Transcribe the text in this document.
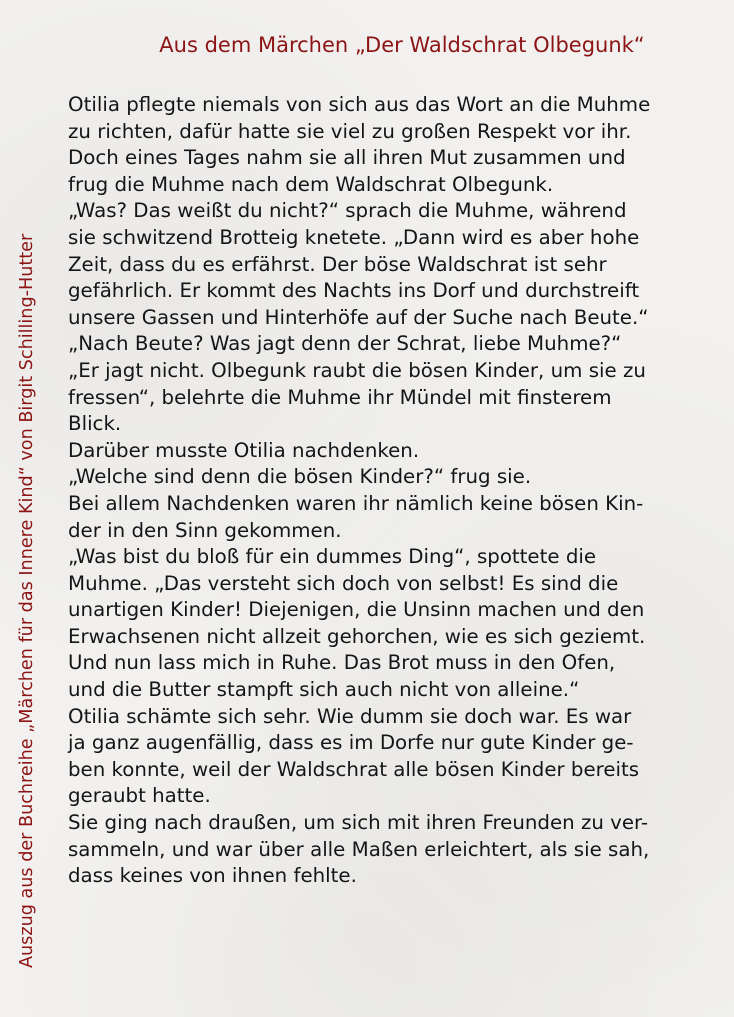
Aus dem Märchen „Der Waldschrat Olbegunk“
Auszug aus der Buchreihe „Märchen für das Innere Kind“ von Birgit Schilling-Hutter
Otilia pflegte niemals von sich aus das Wort an die Muhme
zu richten, dafür hatte sie viel zu großen Respekt vor ihr.
Doch eines Tages nahm sie all ihren Mut zusammen und
frug die Muhme nach dem Waldschrat Olbegunk.
„Was? Das weißt du nicht?“ sprach die Muhme, während
sie schwitzend Brotteig knetete. „Dann wird es aber hohe
Zeit, dass du es erfährst. Der böse Waldschrat ist sehr
gefährlich. Er kommt des Nachts ins Dorf und durchstreift
unsere Gassen und Hinterhöfe auf der Suche nach Beute.“
„Nach Beute? Was jagt denn der Schrat, liebe Muhme?“
„Er jagt nicht. Olbegunk raubt die bösen Kinder, um sie zu
fressen“, belehrte die Muhme ihr Mündel mit finsterem
Blick.
Darüber musste Otilia nachdenken.
„Welche sind denn die bösen Kinder?“ frug sie.
Bei allem Nachdenken waren ihr nämlich keine bösen Kin-
der in den Sinn gekommen.
„Was bist du bloß für ein dummes Ding“, spottete die
Muhme. „Das versteht sich doch von selbst! Es sind die
unartigen Kinder! Diejenigen, die Unsinn machen und den
Erwachsenen nicht allzeit gehorchen, wie es sich geziemt.
Und nun lass mich in Ruhe. Das Brot muss in den Ofen,
und die Butter stampft sich auch nicht von alleine.“
Otilia schämte sich sehr. Wie dumm sie doch war. Es war
ja ganz augenfällig, dass es im Dorfe nur gute Kinder ge-
ben konnte, weil der Waldschrat alle bösen Kinder bereits
geraubt hatte.
Sie ging nach draußen, um sich mit ihren Freunden zu ver-
sammeln, und war über alle Maßen erleichtert, als sie sah,
dass keines von ihnen fehlte.
